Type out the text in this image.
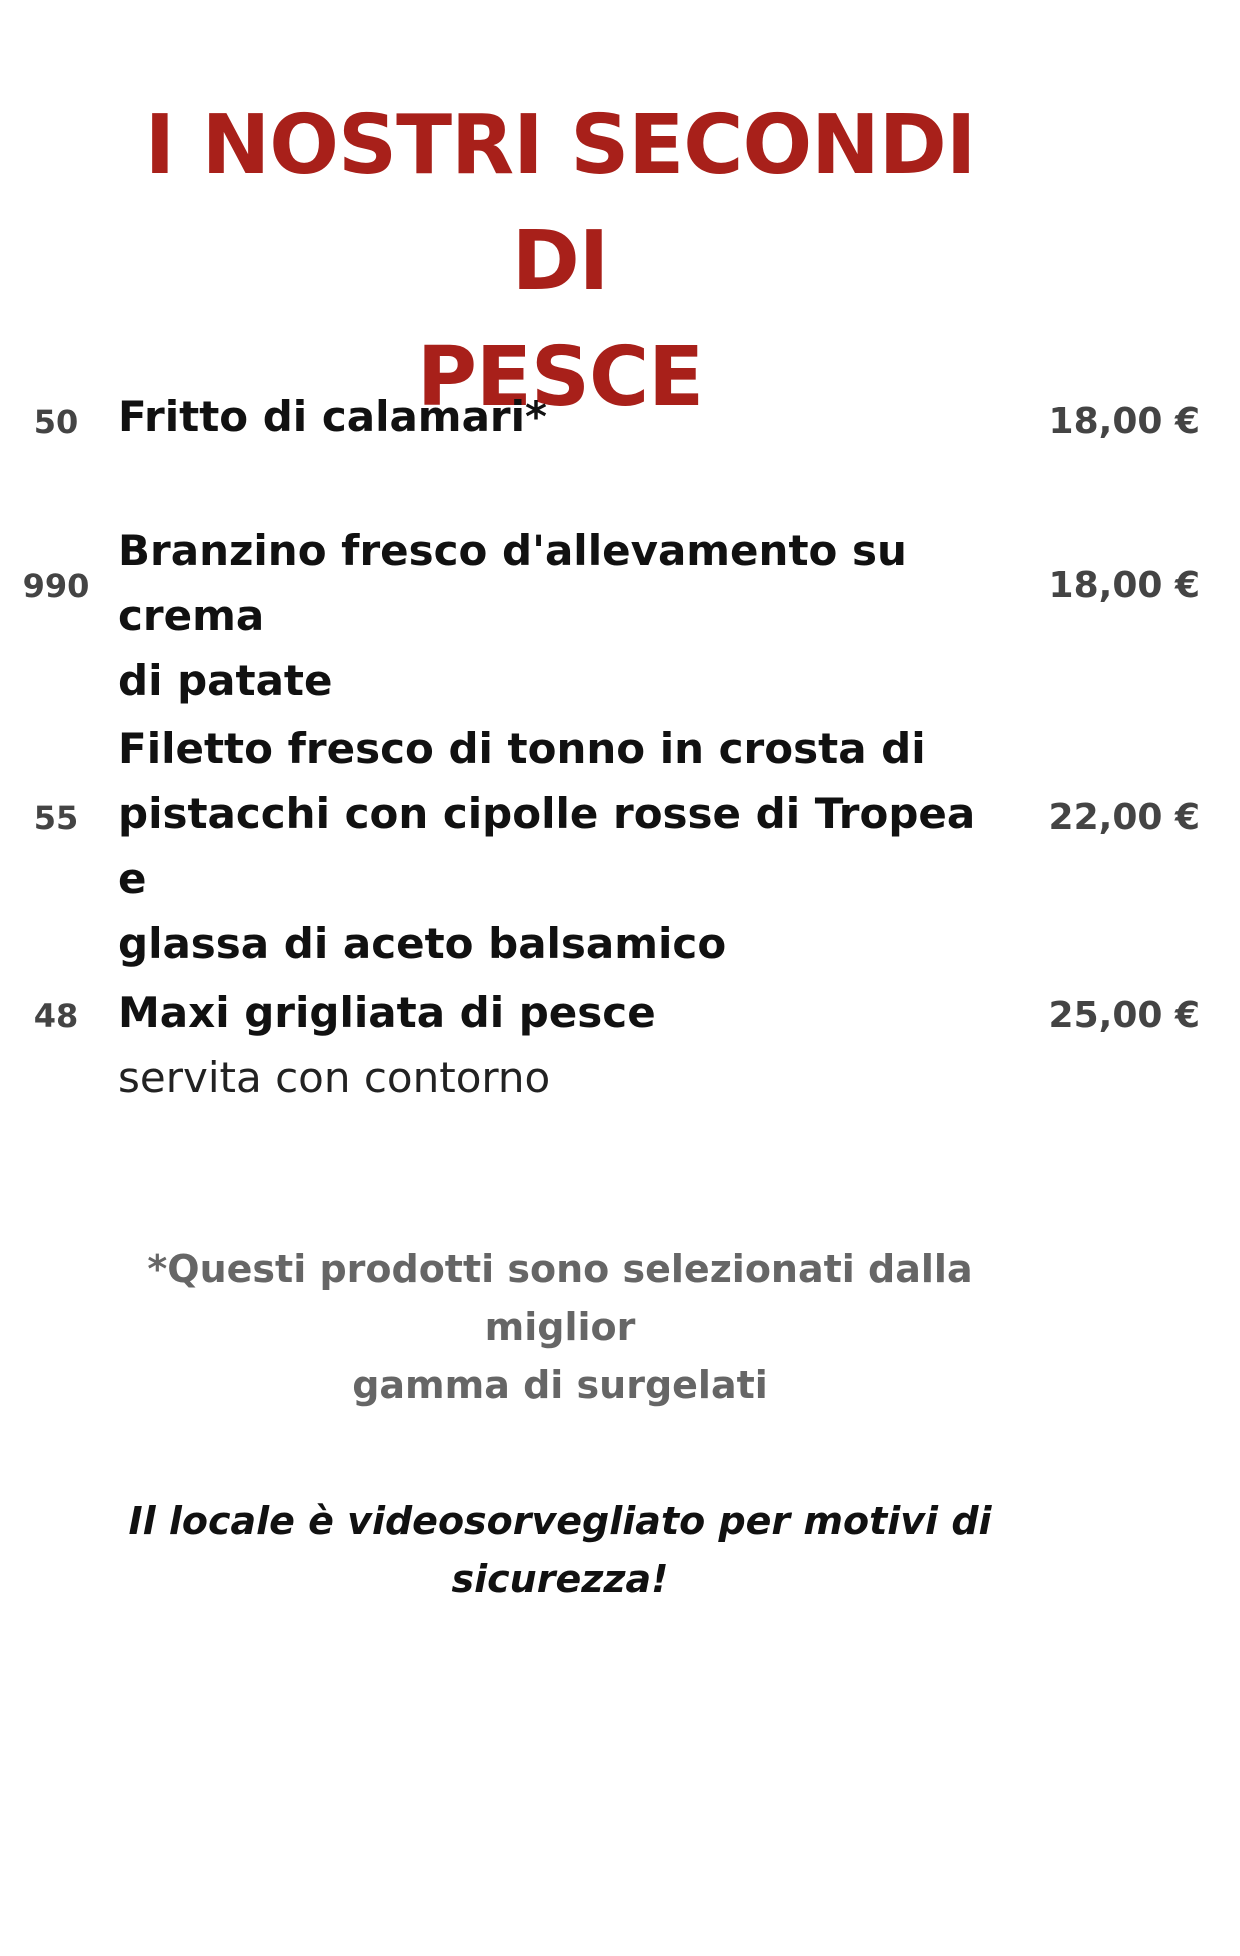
I NOSTRI SECONDI DI
PESCE
50 Fritto di calamari*	18,00 €
990
Branzino fresco d'allevamento su crema
di patate
18,00 €
55
Filetto fresco di tonno in crosta di
pistacchi con cipolle rosse di Tropea e
glassa di aceto balsamico
22,00 €
48 Maxi grigliata di pesce
servita con contorno
25,00 €

*Questi prodotti sono selezionati dalla miglior
gamma di surgelati

Il locale è videosorvegliato per motivi di
sicurezza!
